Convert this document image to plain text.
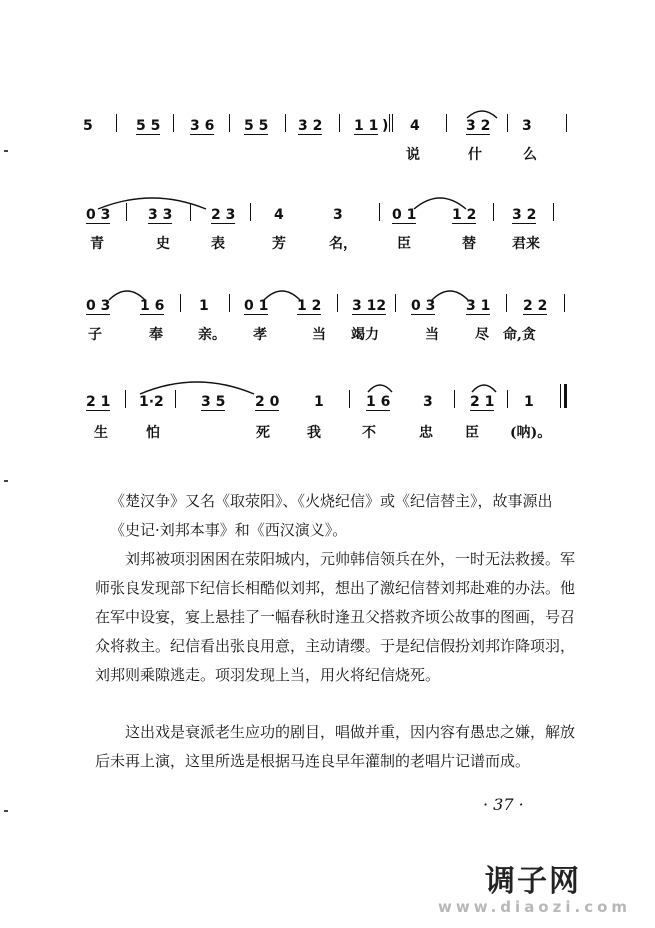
5	5 5 3 6 5 5 3 2 1 1 ) 4	3 2 3
说	什	么
0 3	3 3	2 3	4	3	0 1	1 2	3 2
青	史	表	芳	名，	臣	替	君来
0 3 1 6 1	0 1 1 2 3 12 0 3 3 1 2 2
子	奉	亲。 孝	当 竭力	当	尽 命,贪
2 1 1·2	3 5 2 0 1	1 6 3	2 1 1
生	怕	死	我	不	忠 臣 (呐)。

《楚汉争》又名《取荥阳》、《火烧纪信》或《纪信替主》，故事源出《史记·刘邦本事》和《西汉演义》。

刘邦被项羽困困在荥阳城内，元帅韩信领兵在外，一时无法救援。军师张良发现部下纪信长相酷似刘邦，想出了激纪信替刘邦赴难的办法。他在军中设宴，宴上悬挂了一幅春秋时逢丑父搭救齐顷公故事的图画，号召众将救主。纪信看出张良用意，主动请缨。于是纪信假扮刘邦诈降项羽，刘邦则乘隙逃走。项羽发现上当，用火将纪信烧死。

这出戏是衰派老生应功的剧目，唱做并重，因内容有愚忠之嫌，解放后未再上演，这里所选是根据马连良早年灌制的老唱片记谱而成。

· 37 ·
调子网
www.diaozi.com
